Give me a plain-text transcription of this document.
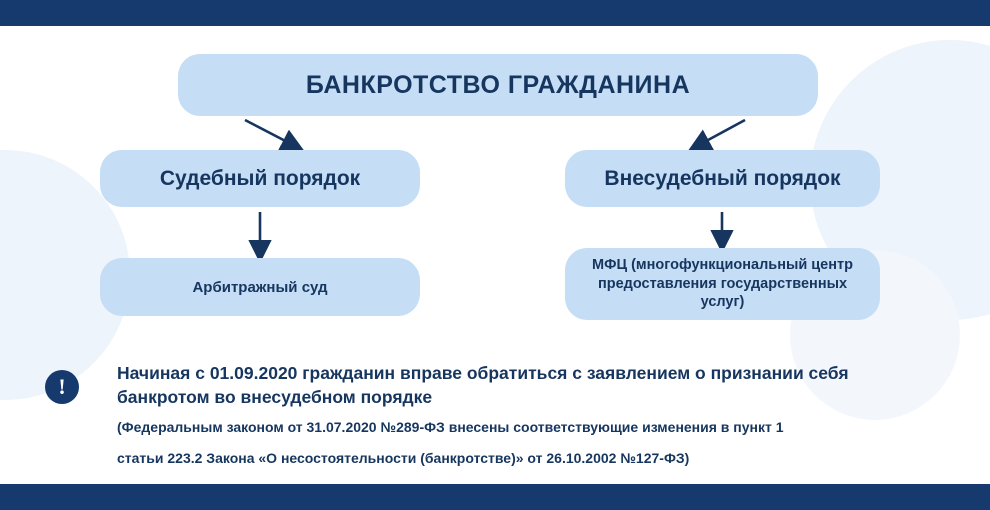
БАНКРОТСТВО ГРАЖДАНИНА
Судебный порядок	Внесудебный порядок
Арбитражный суд
МФЦ (многофункциональный центр предоставления государственных услуг)
!
Начиная с 01.09.2020 гражданин вправе обратиться с заявлением о признании себя банкротом во внесудебном порядке
(Федеральным законом от 31.07.2020 №289-ФЗ внесены соответствующие изменения в пункт 1
статьи 223.2 Закона «О несостоятельности (банкротстве)» от 26.10.2002 №127-ФЗ)
